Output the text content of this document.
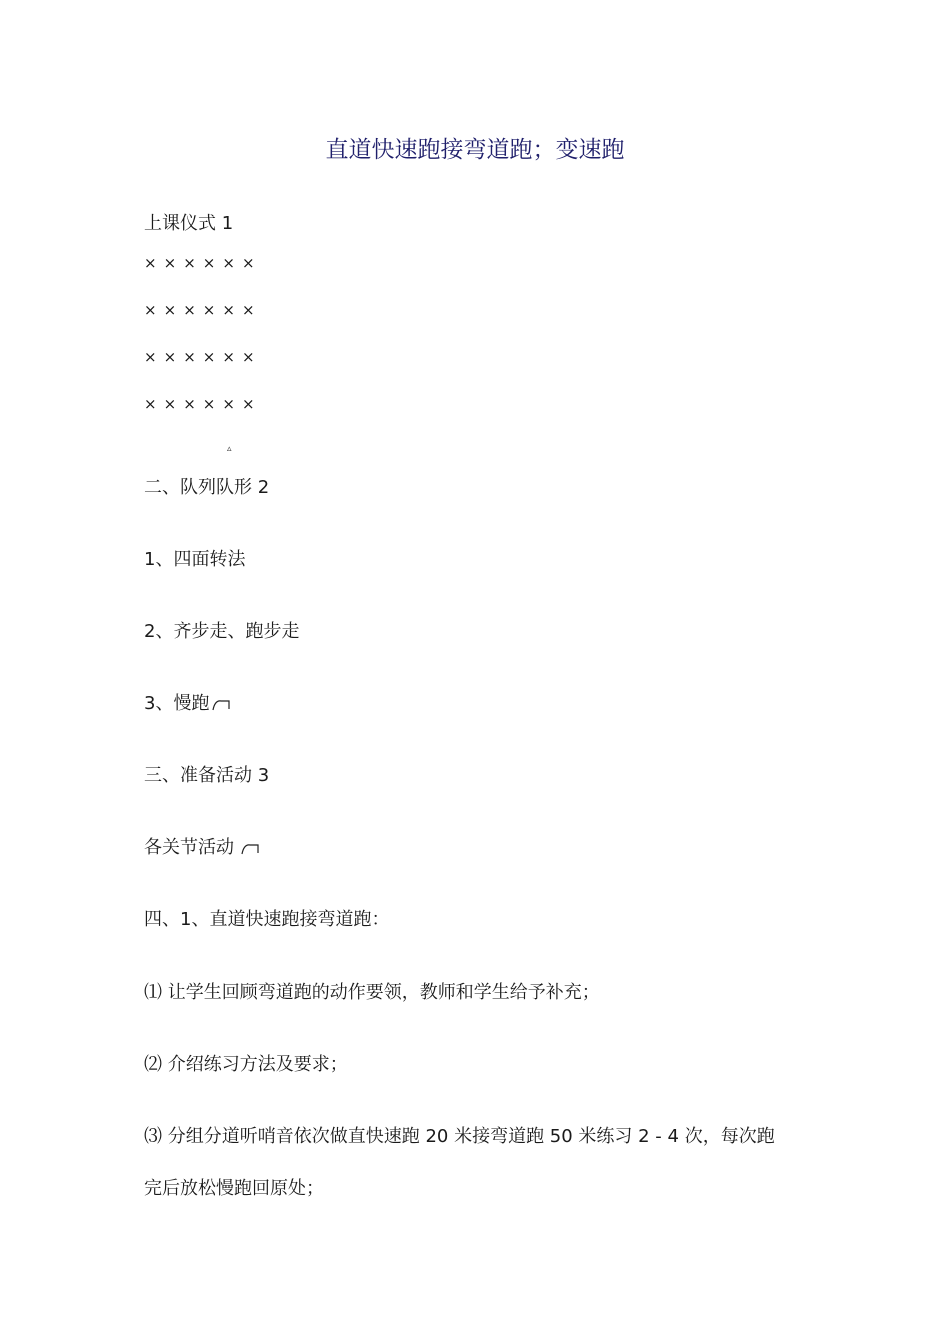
直道快速跑接弯道跑；变速跑
上课仪式 1
× × × × × ×
× × × × × ×
× × × × × ×
× × × × × ×
▵
二、队列队形 2
1、四面转法
2、齐步走、跑步走
3、慢跑
三、准备活动 3
各关节活动
四、1、直道快速跑接弯道跑：
⑴ 让学生回顾弯道跑的动作要领，教师和学生给予补充；
⑵ 介绍练习方法及要求；
⑶ 分组分道听哨音依次做直快速跑 20 米接弯道跑 50 米练习 2 - 4 次，每次跑
完后放松慢跑回原处；
